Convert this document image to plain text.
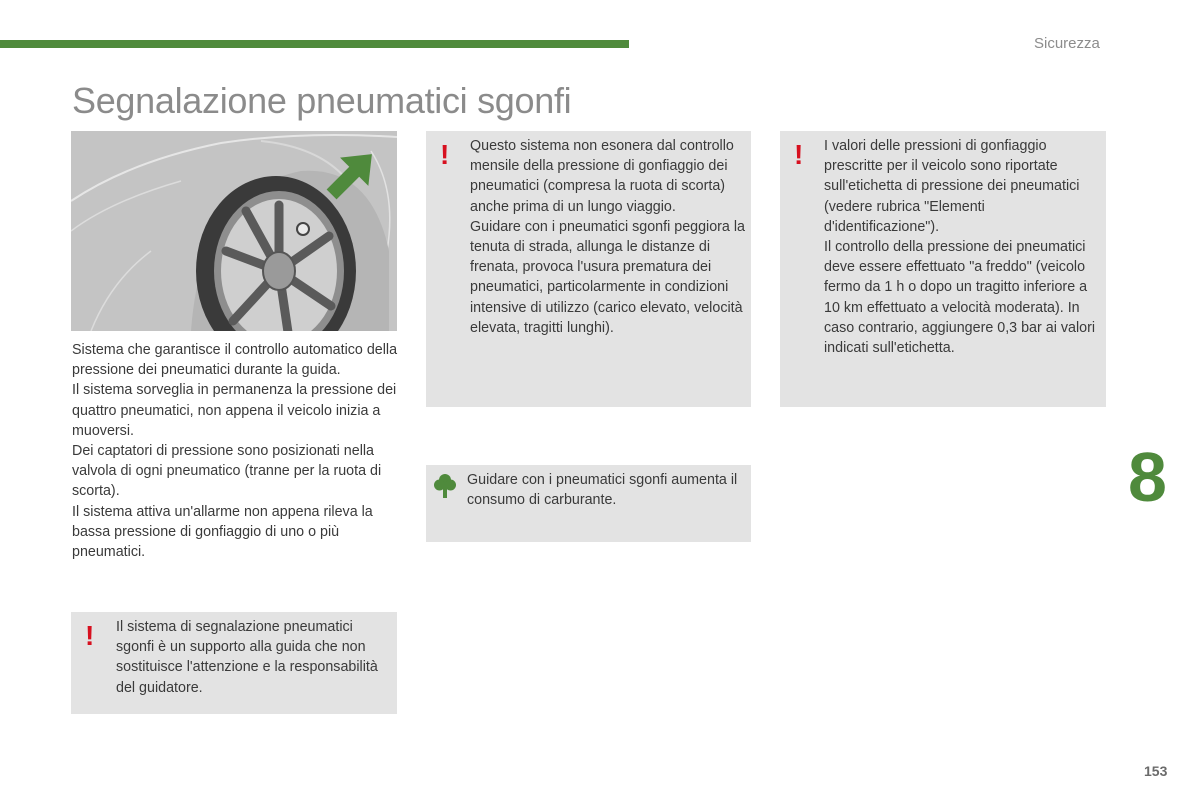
Sicurezza
Segnalazione pneumatici sgonfi

Sistema che garantisce il controllo automatico della pressione dei pneumatici durante la guida.

Il sistema sorveglia in permanenza la pressione dei quattro pneumatici, non appena il veicolo inizia a muoversi.

Dei captatori di pressione sono posizionati nella valvola di ogni pneumatico (tranne per la ruota di scorta).

Il sistema attiva un'allarme non appena rileva la bassa pressione di gonfiaggio di uno o più pneumatici.

! Questo sistema non esonera dal controllo mensile della pressione di gonfiaggio dei pneumatici (compresa la ruota di scorta) anche prima di un lungo viaggio.

Guidare con i pneumatici sgonfi peggiora la tenuta di strada, allunga le distanze di frenata, provoca l'usura prematura dei pneumatici, particolarmente in condizioni intensive di utilizzo (carico elevato, velocità elevata, tragitti lunghi).

! I valori delle pressioni di gonfiaggio prescritte per il veicolo sono riportate sull'etichetta di pressione dei pneumatici (vedere rubrica "Elementi d'identificazione").

Il controllo della pressione dei pneumatici deve essere effettuato "a freddo" (veicolo fermo da 1 h o dopo un tragitto inferiore a 10 km effettuato a velocità moderata). In caso contrario, aggiungere 0,3 bar ai valori indicati sull'etichetta.

Guidare con i pneumatici sgonfi aumenta il consumo di carburante.
! Il sistema di segnalazione pneumatici sgonfi è un supporto alla guida che non sostituisce l'attenzione e la responsabilità del guidatore.
8
153
